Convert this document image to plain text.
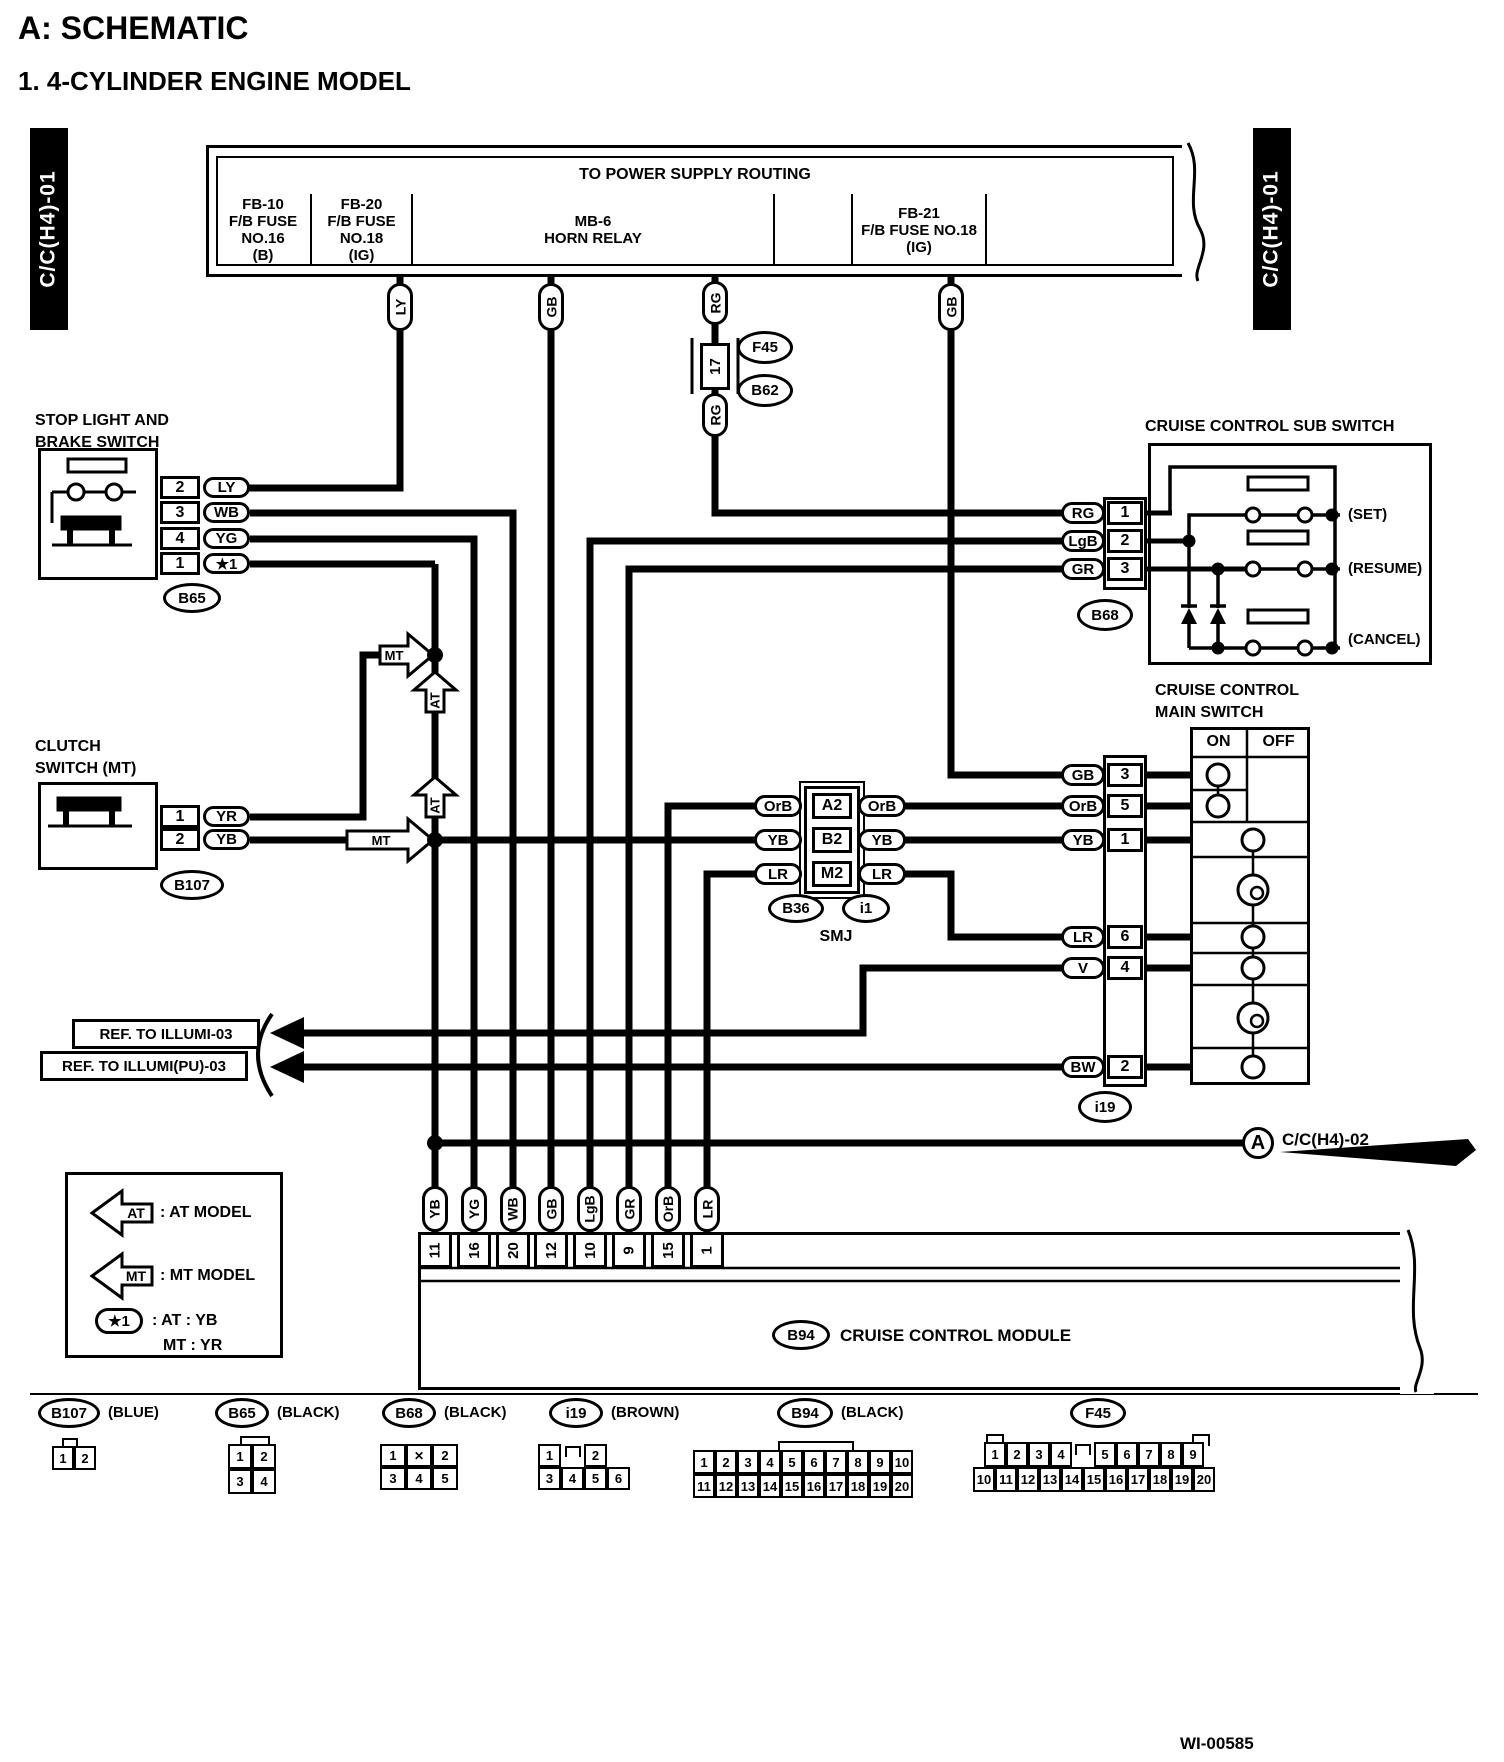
A: SCHEMATIC
1. 4-CYLINDER ENGINE MODEL
C/C(H4)-01	C/C(H4)-01
TO POWER SUPPLY ROUTING
FB-10
F/B FUSE NO.16
(B)
FB-20
F/B FUSE NO.18
(IG)
MB-6
HORN RELAY
FB-21
F/B FUSE NO.18
(IG)
LY	GB	RG	GB
17
F45
B62
RG
STOP LIGHT AND
BRAKE SWITCH
2
3
4
1
LY
WB
YG
★1
B65
CLUTCH
SWITCH (MT)
1
2
YR
YB
B107
MT
AT
AT
MT
CRUISE CONTROL SUB SWITCH
RG
LgB
GR
1
2
3
B68
(SET)
(RESUME)
(CANCEL)
CRUISE CONTROL
MAIN SWITCH
ON	OFF
GB
OrB
YB
LR
V
BW
3
5
1
6
4
2
i19
OrB
YB
LR
A2
B2
M2
OrB
YB
LR
B36	i1
SMJ
REF. TO ILLUMI-03
REF. TO ILLUMI(PU)-03
A C/C(H4)-02
AT : AT MODEL
MT : MT MODEL
★1	: AT : YB
MT : YR
YB YG WB GB LgB GR OrB LR
11 16 20 12 10 9 15 1
B94 CRUISE CONTROL MODULE
B107 (BLUE)	B65 (BLACK)	B68 (BLACK)	i19 (BROWN)	B94 (BLACK)	F45
1	2	1	2
3	4
1	✕	2
3	4	5
1	2
3	4	5	6
1	2	3	4	5	6	7	8	9 10
11 12 13 14 15 16 17 18 19 20
1	2	3	4	5	6	7	8	9
10 11 12 13 14 15 16 17 18 19 20
WI-00585
